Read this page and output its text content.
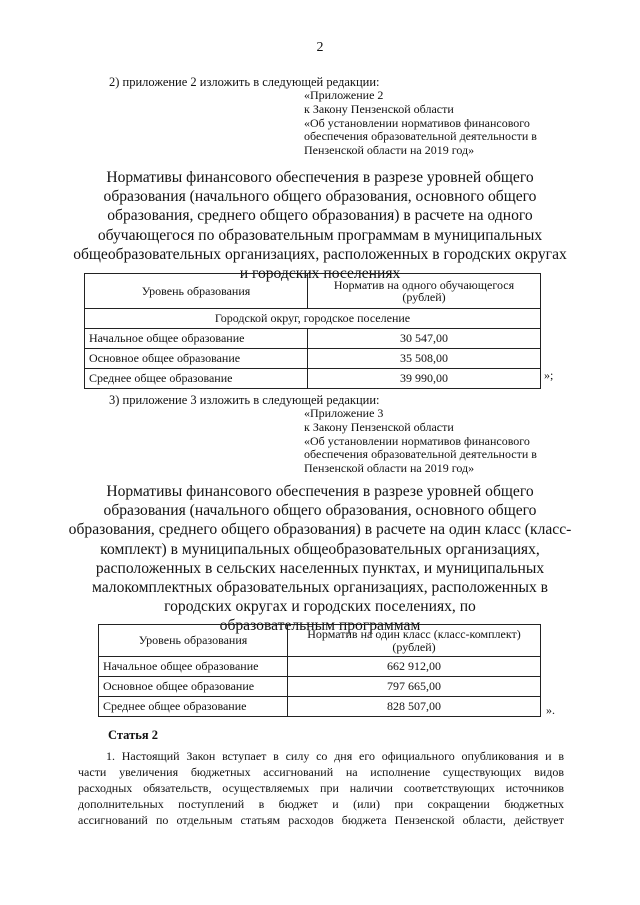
2
2) приложение 2 изложить в следующей редакции:
«Приложение 2
к Закону Пензенской области
«Об установлении нормативов финансового
обеспечения образовательной деятельности в
Пензенской области на 2019 год»
Нормативы финансового обеспечения в разрезе уровней общего
образования (начального общего образования, основного общего
образования, среднего общего образования) в расчете на одного
обучающегося по образовательным программам в муниципальных
общеобразовательных организациях, расположенных в городских округах
и городских поселениях
Уровень образования	Норматив на одного обучающегося (рублей)
Городской округ, городское поселение	
Начальное общее образование	30 547,00
Основное общее образование	35 508,00
Среднее общее образование	39 990,00	»;
3) приложение 3 изложить в следующей редакции:
«Приложение 3
к Закону Пензенской области
«Об установлении нормативов финансового
обеспечения образовательной деятельности в
Пензенской области на 2019 год»
Нормативы финансового обеспечения в разрезе уровней общего
образования (начального общего образования, основного общего
образования, среднего общего образования) в расчете на один класс (класс-
комплект) в муниципальных общеобразовательных организациях,
расположенных в сельских населенных пунктах, и муниципальных
малокомплектных образовательных организациях, расположенных в
городских округах и городских поселениях, по
образовательным программам
Уровень образования	Норматив на один класс (класс-комплект) (рублей)
Начальное общее образование	662 912,00
Основное общее образование	797 665,00
Среднее общее образование	828 507,00	».
Статья 2
1. Настоящий Закон вступает в силу со дня его официального опубликования и в
части увеличения бюджетных ассигнований на исполнение существующих видов
расходных обязательств, осуществляемых при наличии соответствующих источников
дополнительных поступлений в бюджет и (или) при сокращении бюджетных
ассигнований по отдельным статьям расходов бюджета Пензенской области, действует
